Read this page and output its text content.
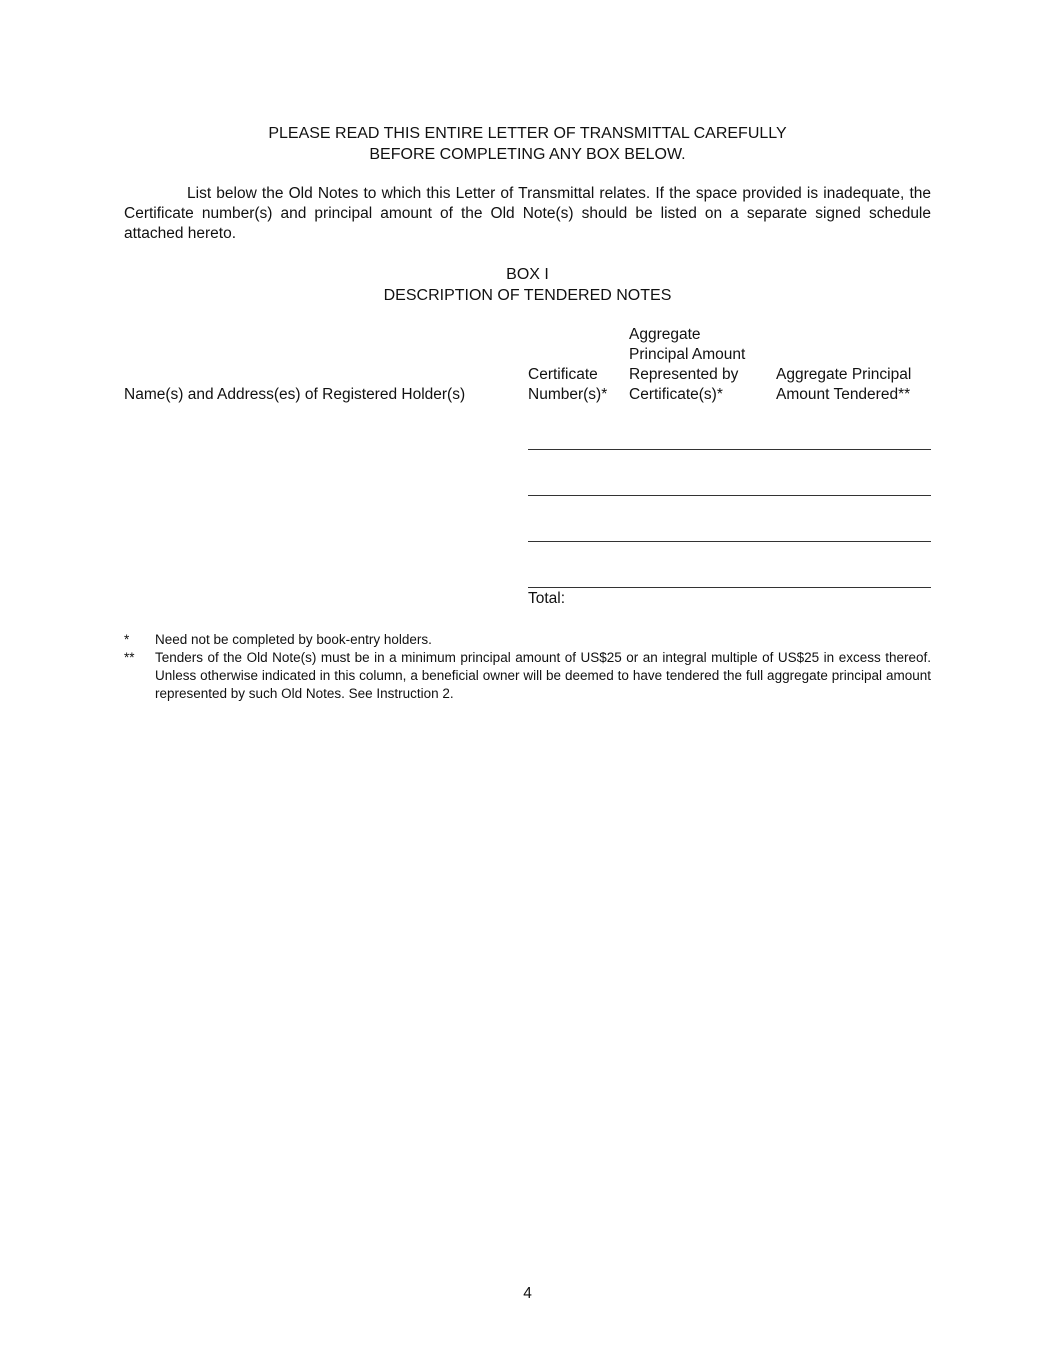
PLEASE READ THIS ENTIRE LETTER OF TRANSMITTAL CAREFULLY
BEFORE COMPLETING ANY BOX BELOW.
List below the Old Notes to which this Letter of Transmittal relates. If the space provided is inadequate, the Certificate number(s) and principal amount of the Old Note(s) should be listed on a separate signed schedule attached hereto.
BOX I
DESCRIPTION OF TENDERED NOTES
Name(s) and Address(es) of Registered Holder(s)
Certificate
Number(s)*
Aggregate
Principal Amount
Represented by
Certificate(s)*
Aggregate Principal
Amount Tendered**
Total:
* Need not be completed by book-entry holders.
** Tenders of the Old Note(s) must be in a minimum principal amount of US$25 or an integral multiple of US$25 in excess thereof. Unless otherwise indicated in this column, a beneficial owner will be deemed to have tendered the full aggregate principal amount represented by such Old Notes. See Instruction 2.
4
